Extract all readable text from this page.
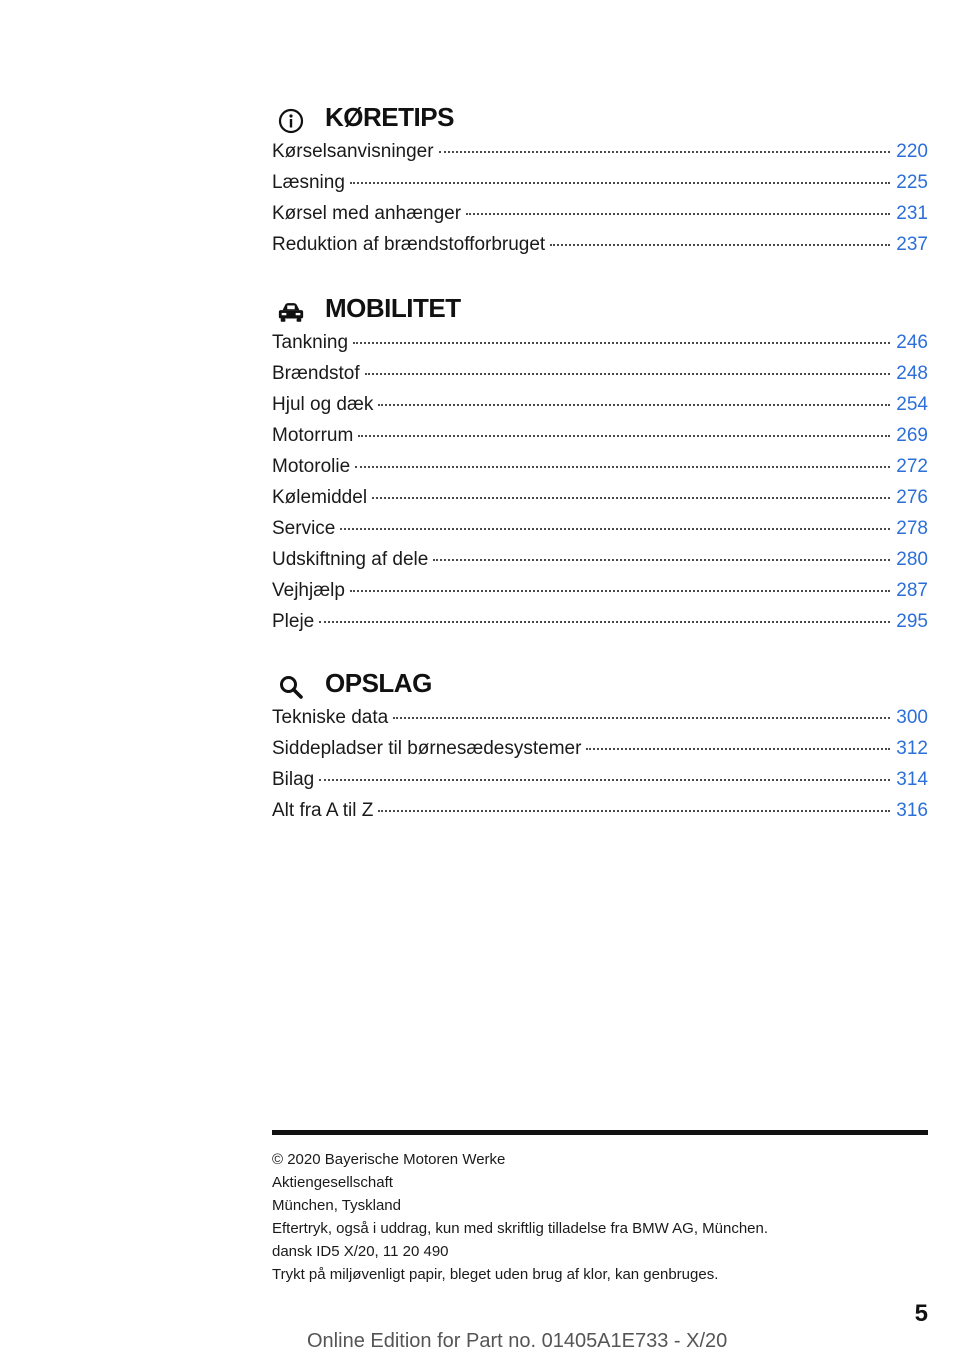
KØRETIPS
Kørselsanvisninger	220
Læsning	225
Kørsel med anhænger	231
Reduktion af brændstofforbruget	237
MOBILITET
Tankning	246
Brændstof	248
Hjul og dæk	254
Motorrum	269
Motorolie	272
Kølemiddel	276
Service	278
Udskiftning af dele	280
Vejhjælp	287
Pleje	295
OPSLAG
Tekniske data	300
Siddepladser til børnesædesystemer	312
Bilag	314
Alt fra A til Z	316
© 2020 Bayerische Motoren Werke
Aktiengesellschaft
München, Tyskland
Eftertryk, også i uddrag, kun med skriftlig tilladelse fra BMW AG, München.
dansk ID5 X/20, 11 20 490
Trykt på miljøvenligt papir, bleget uden brug af klor, kan genbruges.
5
Online Edition for Part no. 01405A1E733 - X/20
